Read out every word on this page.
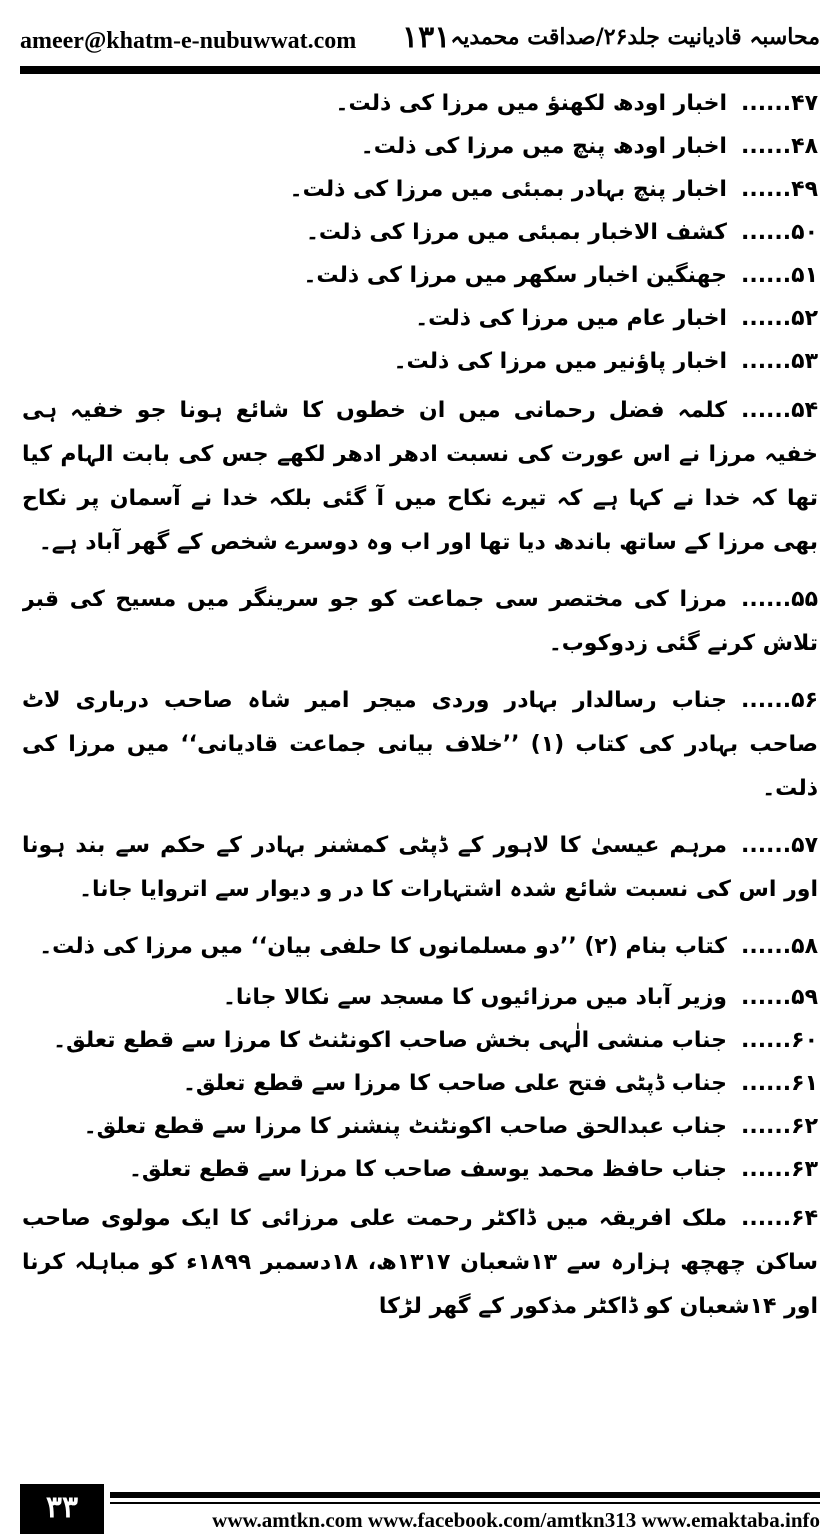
ameer@khatm-e-nubuwwat.com ۱۳۱ محاسبہ قادیانیت جلد۲۶/صداقت محمدیہ

۴۷......اخبار اودھ لکھنؤ میں مرزا کی ذلت۔

۴۸......اخبار اودھ پنچ میں مرزا کی ذلت۔

۴۹......اخبار پنچ بہادر بمبئی میں مرزا کی ذلت۔

۵۰......کشف الاخبار بمبئی میں مرزا کی ذلت۔

۵۱......جھنگین اخبار سکھر میں مرزا کی ذلت۔

۵۲......اخبار عام میں مرزا کی ذلت۔

۵۳......اخبار پاؤنیر میں مرزا کی ذلت۔

۵۴......کلمہ فضل رحمانی میں ان خطوں کا شائع ہونا جو خفیہ ہی خفیہ مرزا نے اس عورت کی نسبت ادھر ادھر لکھے جس کی بابت الہام کیا تھا کہ خدا نے کہا ہے کہ تیرے نکاح میں آ گئی بلکہ خدا نے آسمان پر نکاح بھی مرزا کے ساتھ باندھ دیا تھا اور اب وہ دوسرے شخص کے گھر آباد ہے۔

۵۵......مرزا کی مختصر سی جماعت کو جو سرینگر میں مسیح کی قبر تلاش کرنے گئی زدوکوب۔

۵۶......جناب رسالدار بہادر وردی میجر امیر شاہ صاحب درباری لاٹ صاحب بہادر کی کتاب (۱) ’’خلاف بیانی جماعت قادیانی‘‘ میں مرزا کی ذلت۔

۵۷......مرہم عیسیٰ کا لاہور کے ڈپٹی کمشنر بہادر کے حکم سے بند ہونا اور اس کی نسبت شائع شدہ اشتہارات کا در و دیوار سے اتروایا جانا۔

۵۸......کتاب بنام (۲) ’’دو مسلمانوں کا حلفی بیان‘‘ میں مرزا کی ذلت۔

۵۹......وزیر آباد میں مرزائیوں کا مسجد سے نکالا جانا۔

۶۰......جناب منشی الٰہی بخش صاحب اکونٹنٹ کا مرزا سے قطع تعلق۔

۶۱......جناب ڈپٹی فتح علی صاحب کا مرزا سے قطع تعلق۔

۶۲......جناب عبدالحق صاحب اکونٹنٹ پنشنر کا مرزا سے قطع تعلق۔

۶۳......جناب حافظ محمد یوسف صاحب کا مرزا سے قطع تعلق۔

۶۴......ملک افریقہ میں ڈاکٹر رحمت علی مرزائی کا ایک مولوی صاحب ساکن چھچھ ہزارہ سے ۱۳شعبان ۱۳۱۷ھ، ۱۸دسمبر ۱۸۹۹ء کو مباہلہ کرنا اور ۱۴شعبان کو ڈاکٹر مذکور کے گھر لڑکا

۳۳	www.amtkn.com www.facebook.com/amtkn313 www.emaktaba.info
